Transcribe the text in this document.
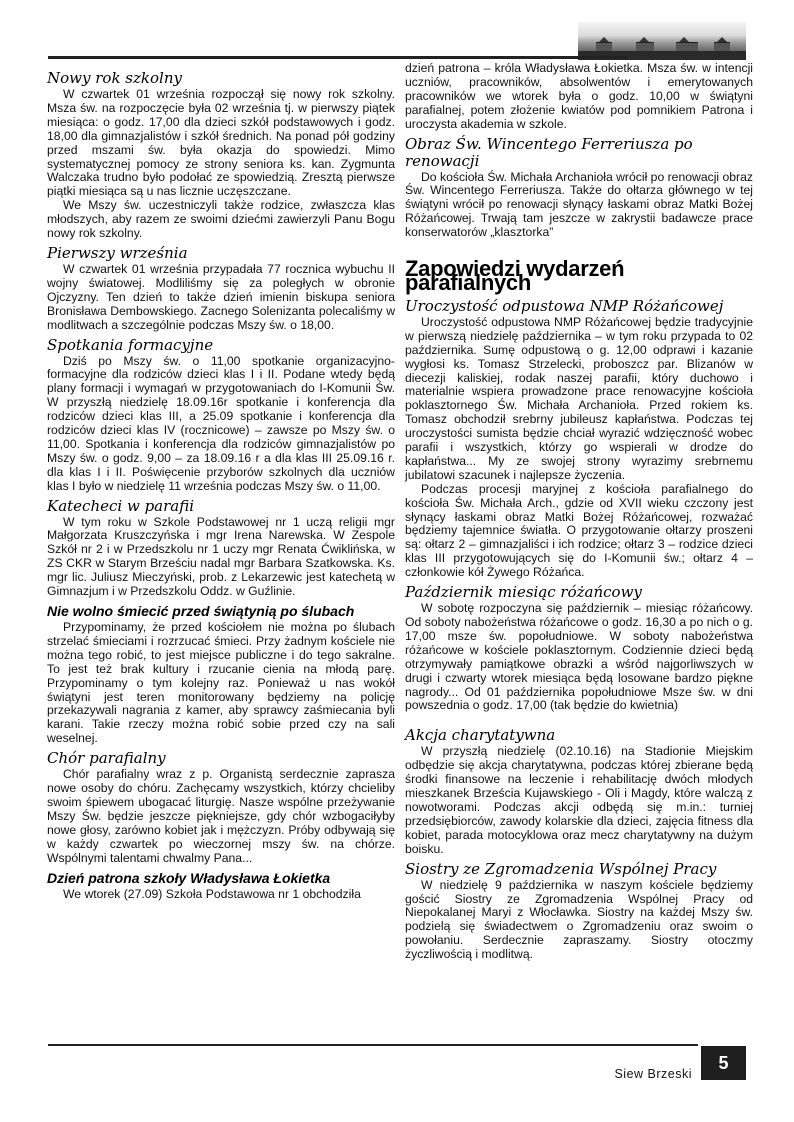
Nowy rok szkolny

W czwartek 01 września rozpoczął się nowy rok szkolny. Msza św. na rozpoczęcie była 02 września tj. w pierwszy piątek miesiąca: o godz. 17,00 dla dzieci szkół podstawowych i godz. 18,00 dla gimnazjalistów i szkół średnich. Na ponad pół godziny przed mszami św. była okazja do spowiedzi. Mimo systematycznej pomocy ze strony seniora ks. kan. Zygmunta Walczaka trudno było podołać ze spowiedzią. Zresztą pierwsze piątki miesiąca są u nas licznie uczęszczane.

We Mszy św. uczestniczyli także rodzice, zwłaszcza klas młodszych, aby razem ze swoimi dziećmi zawierzyli Panu Bogu nowy rok szkolny.

Pierwszy września

W czwartek 01 września przypadała 77 rocznica wybuchu II wojny światowej. Modliliśmy się za poległych w obronie Ojczyzny. Ten dzień to także dzień imienin biskupa seniora Bronisława Dembowskiego. Zacnego Solenizanta polecaliśmy w modlitwach a szczególnie podczas Mszy św. o 18,00.

Spotkania formacyjne

Dziś po Mszy św. o 11,00 spotkanie organizacyjno-formacyjne dla rodziców dzieci klas I i II. Podane wtedy będą plany formacji i wymagań w przygotowaniach do I-Komunii Św. W przyszłą niedzielę 18.09.16r spotkanie i konferencja dla rodziców dzieci klas III, a 25.09 spotkanie i konferencja dla rodziców dzieci klas IV (rocznicowe) – zawsze po Mszy św. o 11,00. Spotkania i konferencja dla rodziców gimnazjalistów po Mszy św. o godz. 9,00 – za 18.09.16 r a dla klas III 25.09.16 r. dla klas I i II. Poświęcenie przyborów szkolnych dla uczniów klas I było w niedzielę 11 września podczas Mszy św. o 11,00.

Katecheci w parafii

W tym roku w Szkole Podstawowej nr 1 uczą religii mgr Małgorzata Kruszczyńska i mgr Irena Narewska. W Zespole Szkół nr 2 i w Przedszkolu nr 1 uczy mgr Renata Ćwiklińska, w ZS CKR w Starym Brześciu nadal mgr Barbara Szatkowska. Ks. mgr lic. Juliusz Mieczyński, prob. z Lekarzewic jest katechetą w Gimnazjum i w Przedszkolu Oddz. w Guźlinie.

Nie wolno śmiecić przed świątynią po ślubach

Przypominamy, że przed kościołem nie można po ślubach strzelać śmieciami i rozrzucać śmieci. Przy żadnym kościele nie można tego robić, to jest miejsce publiczne i do tego sakralne. To jest też brak kultury i rzucanie cienia na młodą parę. Przypominamy o tym kolejny raz. Ponieważ u nas wokół świątyni jest teren monitorowany będziemy na policję przekazywali nagrania z kamer, aby sprawcy zaśmiecania byli karani. Takie rzeczy można robić sobie przed czy na sali weselnej.

Chór parafialny

Chór parafialny wraz z p. Organistą serdecznie zaprasza nowe osoby do chóru. Zachęcamy wszystkich, którzy chcieliby swoim śpiewem ubogacać liturgię. Nasze wspólne przeżywanie Mszy Św. będzie jeszcze piękniejsze, gdy chór wzbogaciłyby nowe głosy, zarówno kobiet jak i mężczyzn. Próby odbywają się w każdy czwartek po wieczornej mszy św. na chórze. Wspólnymi talentami chwalmy Pana...

Dzień patrona szkoły Władysława Łokietka

We wtorek (27.09) Szkoła Podstawowa nr 1 obchodziła

dzień patrona – króla Władysława Łokietka. Msza św. w intencji uczniów, pracowników, absolwentów i emerytowanych pracowników we wtorek była o godz. 10,00 w świątyni parafialnej, potem złożenie kwiatów pod pomnikiem Patrona i uroczysta akademia w szkole.

Obraz Św. Wincentego Ferreriusza po renowacji

Do kościoła Św. Michała Archanioła wrócił po renowacji obraz Św. Wincentego Ferreriusza. Także do ołtarza głównego w tej świątyni wrócił po renowacji słynący łaskami obraz Matki Bożej Różańcowej. Trwają tam jeszcze w zakrystii badawcze prace konserwatorów „klasztorka”

Zapowiedzi wydarzeń parafialnych
Uroczystość odpustowa NMP Różańcowej

Uroczystość odpustowa NMP Różańcowej będzie tradycyjnie w pierwszą niedzielę października – w tym roku przypada to 02 października. Sumę odpustową o g. 12,00 odprawi i kazanie wygłosi ks. Tomasz Strzelecki, proboszcz par. Blizanów w diecezji kaliskiej, rodak naszej parafii, który duchowo i materialnie wspiera prowadzone prace renowacyjne kościoła poklasztornego Św. Michała Archanioła. Przed rokiem ks. Tomasz obchodził srebrny jubileusz kapłaństwa. Podczas tej uroczystości sumista będzie chciał wyrazić wdzięczność wobec parafii i wszystkich, którzy go wspierali w drodze do kapłaństwa... My ze swojej strony wyrazimy srebrnemu jubilatowi szacunek i najlepsze życzenia.

Podczas procesji maryjnej z kościoła parafialnego do kościoła Św. Michała Arch., gdzie od XVII wieku czczony jest słynący łaskami obraz Matki Bożej Różańcowej, rozważać będziemy tajemnice światła. O przygotowanie ołtarzy proszeni są: ołtarz 2 – gimnazjaliści i ich rodzice; ołtarz 3 – rodzice dzieci klas III przygotowujących się do I-Komunii św.; ołtarz 4 – członkowie kół Żywego Różańca.

Październik miesiąc różańcowy

W sobotę rozpoczyna się październik – miesiąc różańcowy. Od soboty nabożeństwa różańcowe o godz. 16,30 a po nich o g. 17,00 msze św. popołudniowe. W soboty nabożeństwa różańcowe w kościele poklasztornym. Codziennie dzieci będą otrzymywały pamiątkowe obrazki a wśród najgorliwszych w drugi i czwarty wtorek miesiąca będą losowane bardzo piękne nagrody... Od 01 października popołudniowe Msze św. w dni powszednia o godz. 17,00 (tak będzie do kwietnia)

Akcja charytatywna

W przyszłą niedzielę (02.10.16) na Stadionie Miejskim odbędzie się akcja charytatywna, podczas której zbierane będą środki finansowe na leczenie i rehabilitację dwóch młodych mieszkanek Brześcia Kujawskiego - Oli i Magdy, które walczą z nowotworami. Podczas akcji odbędą się m.in.: turniej przedsiębiorców, zawody kolarskie dla dzieci, zajęcia fitness dla kobiet, parada motocyklowa oraz mecz charytatywny na dużym boisku.

Siostry ze Zgromadzenia Wspólnej Pracy

W niedzielę 9 października w naszym kościele będziemy gościć Siostry ze Zgromadzenia Wspólnej Pracy od Niepokalanej Maryi z Włocławka. Siostry na każdej Mszy św. podzielą się świadectwem o Zgromadzeniu oraz swoim o powołaniu. Serdecznie zapraszamy. Siostry otoczmy życzliwością i modlitwą.

Siew Brzeski
5
